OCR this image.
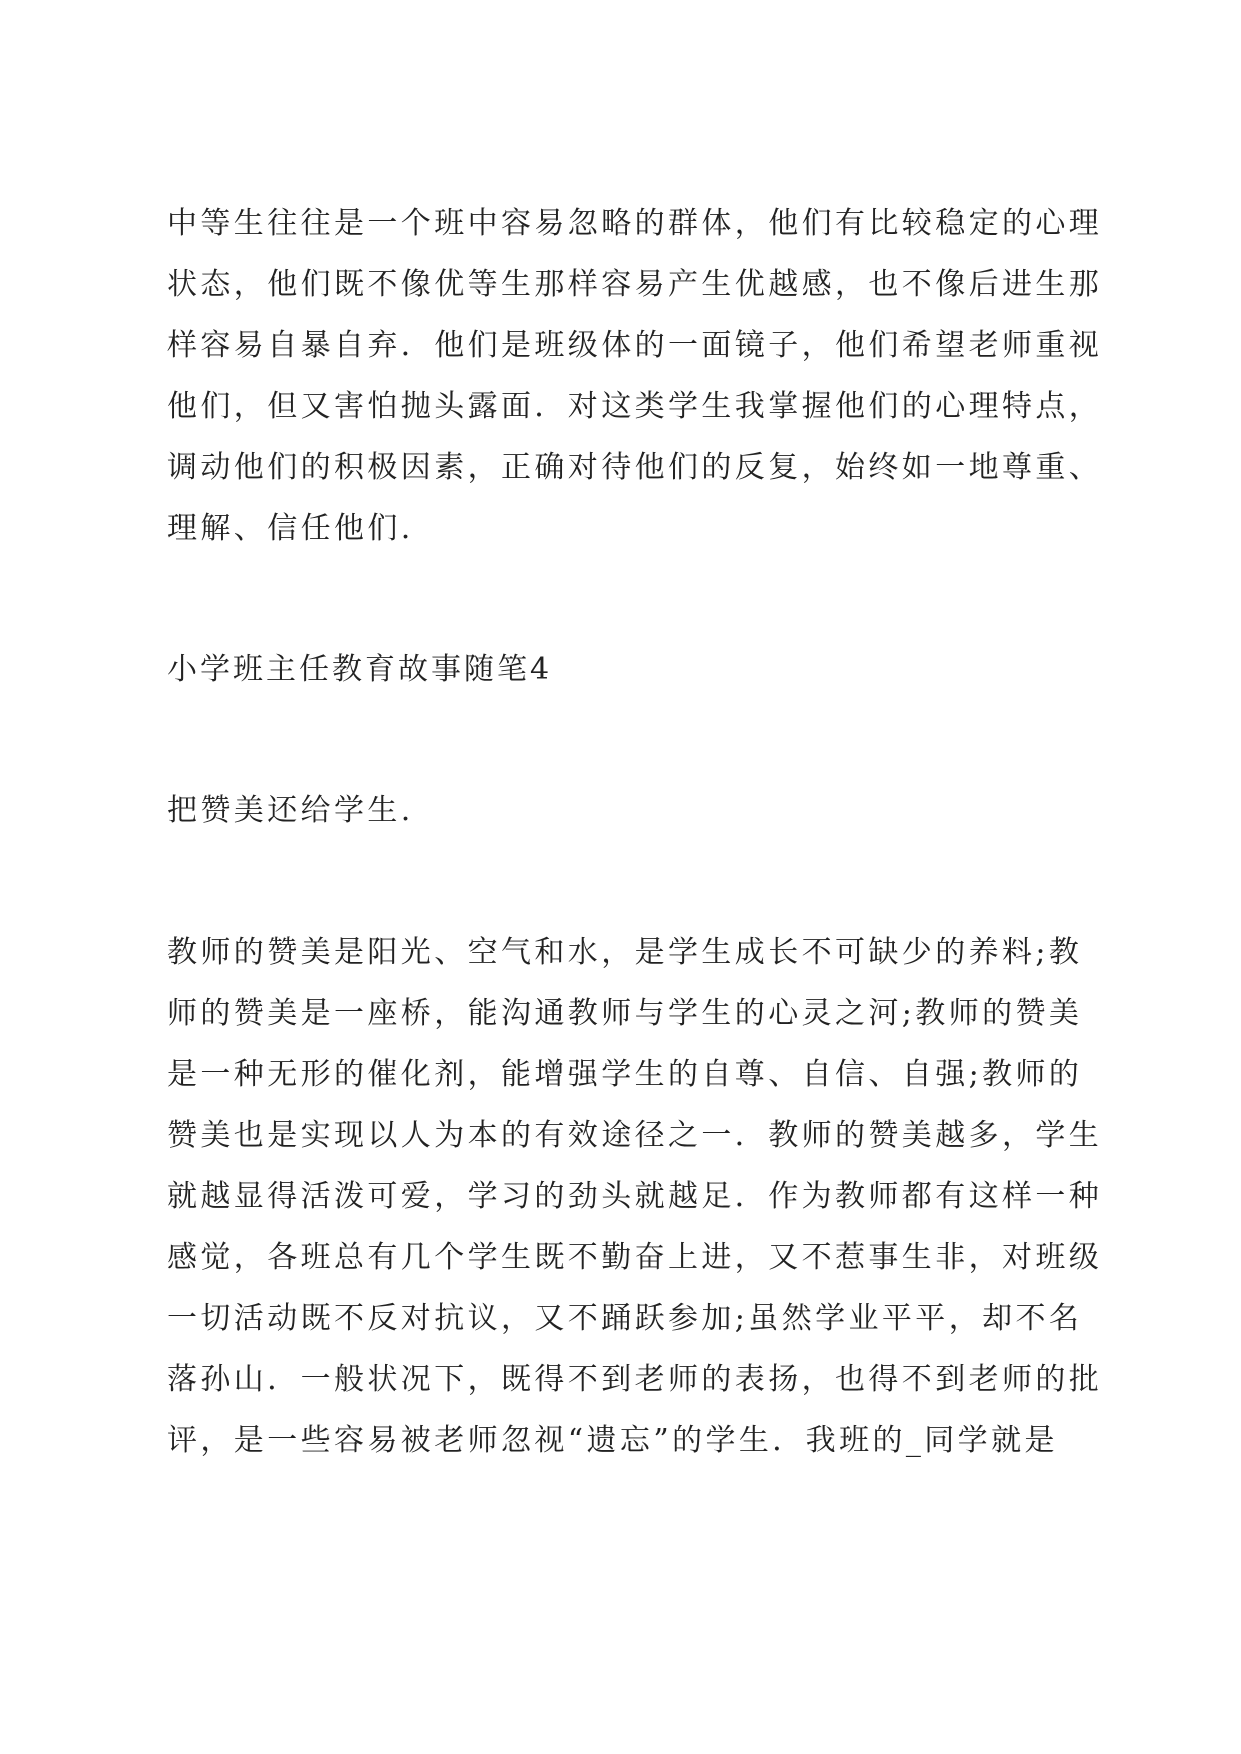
中等生往往是一个班中容易忽略的群体，他们有比较稳定的心理
状态，他们既不像优等生那样容易产生优越感，也不像后进生那
样容易自暴自弃．他们是班级体的一面镜子，他们希望老师重视
他们，但又害怕抛头露面．对这类学生我掌握他们的心理特点，
调动他们的积极因素，正确对待他们的反复，始终如一地尊重、
理解、信任他们.
小学班主任教育故事随笔4
把赞美还给学生.
教师的赞美是阳光、空气和水，是学生成长不可缺少的养料;教
师的赞美是一座桥，能沟通教师与学生的心灵之河;教师的赞美
是一种无形的催化剂，能增强学生的自尊、自信、自强;教师的
赞美也是实现以人为本的有效途径之一．教师的赞美越多，学生
就越显得活泼可爱，学习的劲头就越足．作为教师都有这样一种
感觉，各班总有几个学生既不勤奋上进，又不惹事生非，对班级
一切活动既不反对抗议，又不踊跃参加;虽然学业平平，却不名
落孙山．一般状况下，既得不到老师的表扬，也得不到老师的批
评，是一些容易被老师忽视“遗忘”的学生．我班的_同学就是
